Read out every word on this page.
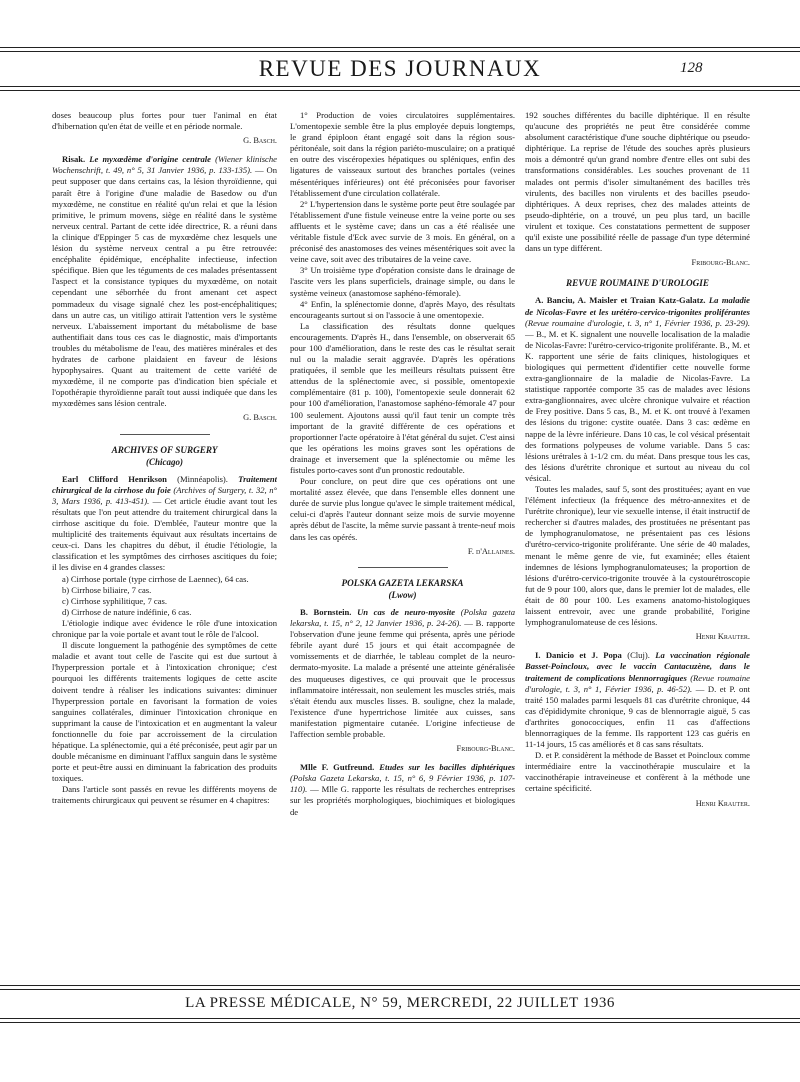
REVUE DES JOURNAUX	128

doses beaucoup plus fortes pour tuer l'animal en état d'hibernation qu'en état de veille et en période normale.

G. Basch.

Risak. Le myxœdème d'origine centrale (Wiener klinische Wochenschrift, t. 49, n° 5, 31 Janvier 1936, p. 133-135). — On peut supposer que dans certains cas, la lésion thyroïdienne, qui paraît être à l'origine d'une maladie de Basedow ou d'un myxœdème, ne constitue en réalité qu'un relai et que la lésion primitive, le primum movens, siège en réalité dans le système nerveux central. Partant de cette idée directrice, R. a réuni dans la clinique d'Eppinger 5 cas de myxœdème chez lesquels une lésion du système nerveux central a pu être retrouvée: encéphalite épidémique, encéphalite infectieuse, infection spécifique. Bien que les téguments de ces malades présentassent l'aspect et la consistance typiques du myxœdème, on notait cependant une séborrhée du front amenant cet aspect pommadeux du visage signalé chez les post-encéphalitiques; dans un autre cas, un vitiligo attirait l'attention vers le système nerveux. L'abaissement important du métabolisme de base authentifiait dans tous ces cas le diagnostic, mais d'importants troubles du métabolisme de l'eau, des matières minérales et des hydrates de carbone plaidaient en faveur de lésions hypophysaires. Quant au traitement de cette variété de myxœdème, il ne comporte pas d'indication bien spéciale et l'opothérapie thyroïdienne paraît tout aussi indiquée que dans les myxœdèmes sans lésion centrale.

G. Basch.
ARCHIVES OF SURGERY
(Chicago)

Earl Clifford Henrikson (Minnéapolis). Traitement chirurgical de la cirrhose du foie (Archives of Surgery, t. 32, n° 3, Mars 1936, p. 413-451). — Cet article étudie avant tout les résultats que l'on peut attendre du traitement chirurgical dans la cirrhose ascitique du foie. D'emblée, l'auteur montre que la multiplicité des traitements équivaut aux résultats incertains de ceux-ci. Dans les chapitres du début, il étudie l'étiologie, la classification et les symptômes des cirrhoses ascitiques du foie; il les divise en 4 grandes classes:

a) Cirrhose portale (type cirrhose de Laennec), 64 cas.

b) Cirrhose biliaire, 7 cas.

c) Cirrhose syphilitique, 7 cas.

d) Cirrhose de nature indéfinie, 6 cas.

L'étiologie indique avec évidence le rôle d'une intoxication chronique par la voie portale et avant tout le rôle de l'alcool.

Il discute longuement la pathogénie des symptômes de cette maladie et avant tout celle de l'ascite qui est due surtout à l'hyperpression portale et à l'intoxication chronique; c'est pourquoi les différents traitements logiques de cette ascite doivent tendre à réaliser les indications suivantes: diminuer l'hyperpression portale en favorisant la formation de voies sanguines collatérales, diminuer l'intoxication chronique en supprimant la cause de l'intoxication et en augmentant la valeur fonctionnelle du foie par accroissement de la circulation hépatique. La splénectomie, qui a été préconisée, peut agir par un double mécanisme en diminuant l'afflux sanguin dans le système porte et peut-être aussi en diminuant la fabrication des produits toxiques.

Dans l'article sont passés en revue les différents moyens de traitements chirurgicaux qui peuvent se résumer en 4 chapitres:

1° Production de voies circulatoires supplémentaires. L'omentopexie semble être la plus employée depuis longtemps, le grand épiploon étant engagé soit dans la région sous-péritonéale, soit dans la région pariéto-musculaire; on a pratiqué en outre des viscéropexies hépatiques ou spléniques, enfin des ligatures de vaisseaux surtout des branches portales (veines mésentériques inférieures) ont été préconisées pour favoriser l'établissement d'une circulation collatérale.

2° L'hypertension dans le système porte peut être soulagée par l'établissement d'une fistule veineuse entre la veine porte ou ses affluents et le système cave; dans un cas a été réalisée une véritable fistule d'Eck avec survie de 3 mois. En général, on a préconisé des anastomoses des veines mésentériques soit avec la veine cave, soit avec des tributaires de la veine cave.

3° Un troisième type d'opération consiste dans le drainage de l'ascite vers les plans superficiels, drainage simple, ou dans le système veineux (anastomose saphéno-fémorale).

4° Enfin, la splénectomie donne, d'après Mayo, des résultats encourageants surtout si on l'associe à une omentopexie.

La classification des résultats donne quelques encouragements. D'après H., dans l'ensemble, on observerait 65 pour 100 d'amélioration, dans le reste des cas le résultat serait nul ou la maladie serait aggravée. D'après les opérations pratiquées, il semble que les meilleurs résultats puissent être attendus de la splénectomie avec, si possible, omentopexie complémentaire (81 p. 100), l'omentopexie seule donnerait 62 pour 100 d'amélioration, l'anastomose saphéno-fémorale 47 pour 100 seulement. Ajoutons aussi qu'il faut tenir un compte très important de la gravité différente de ces opérations et proportionner l'acte opératoire à l'état général du sujet. C'est ainsi que les opérations les moins graves sont les opérations de drainage et inversement que la splénectomie ou même les fistules porto-caves sont d'un pronostic redoutable.

Pour conclure, on peut dire que ces opérations ont une mortalité assez élevée, que dans l'ensemble elles donnent une durée de survie plus longue qu'avec le simple traitement médical, celui-ci d'après l'auteur donnant seize mois de survie moyenne après début de l'ascite, la même survie passant à trente-neuf mois dans les cas opérés.

F. d'Allaines.
POLSKA GAZETA LEKARSKA
(Lwow)

B. Bornstein. Un cas de neuro-myosite (Polska gazeta lekarska, t. 15, n° 2, 12 Janvier 1936, p. 24-26). — B. rapporte l'observation d'une jeune femme qui présenta, après une période fébrile ayant duré 15 jours et qui était accompagnée de vomissements et de diarrhée, le tableau complet de la neuro-dermato-myosite. La malade a présenté une atteinte généralisée des muqueuses digestives, ce qui prouvait que le processus inflammatoire intéressait, non seulement les muscles striés, mais s'était étendu aux muscles lisses. B. souligne, chez la malade, l'existence d'une hypertrichose limitée aux cuisses, sans manifestation pigmentaire cutanée. L'origine infectieuse de l'affection semble probable.

Fribourg-Blanc.

Mlle F. Gutfreund. Etudes sur les bacilles diphtériques (Polska Gazeta Lekarska, t. 15, n° 6, 9 Février 1936, p. 107-110). — Mlle G. rapporte les résultats de recherches entreprises sur les propriétés morphologiques, biochimiques et biologiques de

192 souches différentes du bacille diphtérique. Il en résulte qu'aucune des propriétés ne peut être considérée comme absolument caractéristique d'une souche diphtérique ou pseudo-diphtérique. La reprise de l'étude des souches après plusieurs mois a démontré qu'un grand nombre d'entre elles ont subi des transformations considérables. Les souches provenant de 11 malades ont permis d'isoler simultanément des bacilles très virulents, des bacilles non virulents et des bacilles pseudo-diphtériques. A deux reprises, chez des malades atteints de pseudo-diphtérie, on a trouvé, un peu plus tard, un bacille virulent et toxique. Ces constatations permettent de supposer qu'il existe une possibilité réelle de passage d'un type déterminé dans un type différent.

Fribourg-Blanc.
REVUE ROUMAINE D'UROLOGIE

A. Banciu, A. Maisler et Traian Katz-Galatz. La maladie de Nicolas-Favre et les urétéro-cervico-trigonites proliférantes (Revue roumaine d'urologie, t. 3, n° 1, Février 1936, p. 23-29). — B., M. et K. signalent une nouvelle localisation de la maladie de Nicolas-Favre: l'urétro-cervico-trigonite proliférante. B., M. et K. rapportent une série de faits cliniques, histologiques et biologiques qui permettent d'identifier cette nouvelle forme extra-ganglionnaire de la maladie de Nicolas-Favre. La statistique rapportée comporte 35 cas de malades avec lésions extra-ganglionnaires, avec ulcère chronique vulvaire et réaction de Frey positive. Dans 5 cas, B., M. et K. ont trouvé à l'examen des lésions du trigone: cystite ouatée. Dans 3 cas: œdème en nappe de la lèvre inférieure. Dans 10 cas, le col vésical présentait des formations polypeuses de volume variable. Dans 5 cas: lésions urétrales à 1-1/2 cm. du méat. Dans presque tous les cas, des lésions d'urétrite chronique et surtout au niveau du col vésical.

Toutes les malades, sauf 5, sont des prostituées; ayant en vue l'élément infectieux (la fréquence des métro-annexites et de l'urétrite chronique), leur vie sexuelle intense, il était instructif de rechercher si d'autres malades, des prostituées ne présentant pas de lymphogranulomatose, ne présentaient pas ces lésions d'urétro-cervico-trigonite proliférante. Une série de 40 malades, menant le même genre de vie, fut examinée; elles étaient indemnes de lésions lymphogranulomateuses; la proportion de lésions d'urétro-cervico-trigonite trouvée à la cystourétroscopie fut de 9 pour 100, alors que, dans le premier lot de malades, elle était de 80 pour 100. Les examens anatomo-histologiques laissent entrevoir, avec une grande probabilité, l'origine lymphogranulomateuse de ces lésions.

Henri Krauter.

I. Danicio et J. Popa (Cluj). La vaccination régionale Basset-Poincloux, avec le vaccin Cantacuzène, dans le traitement de complications blennorragiques (Revue roumaine d'urologie, t. 3, n° 1, Février 1936, p. 46-52). — D. et P. ont traité 150 malades parmi lesquels 81 cas d'urétrite chronique, 44 cas d'épididymite chronique, 9 cas de blennorragie aiguë, 5 cas d'arthrites gonococciques, enfin 11 cas d'affections blennorragiques de la femme. Ils rapportent 123 cas guéris en 11-14 jours, 15 cas améliorés et 8 cas sans résultats.

D. et P. considèrent la méthode de Basset et Poincloux comme intermédiaire entre la vaccinothérapie musculaire et la vaccinothérapie intraveineuse et confèrent à la méthode une certaine spécificité.

Henri Krauter.
LA PRESSE MÉDICALE, N° 59, MERCREDI, 22 JUILLET 1936
